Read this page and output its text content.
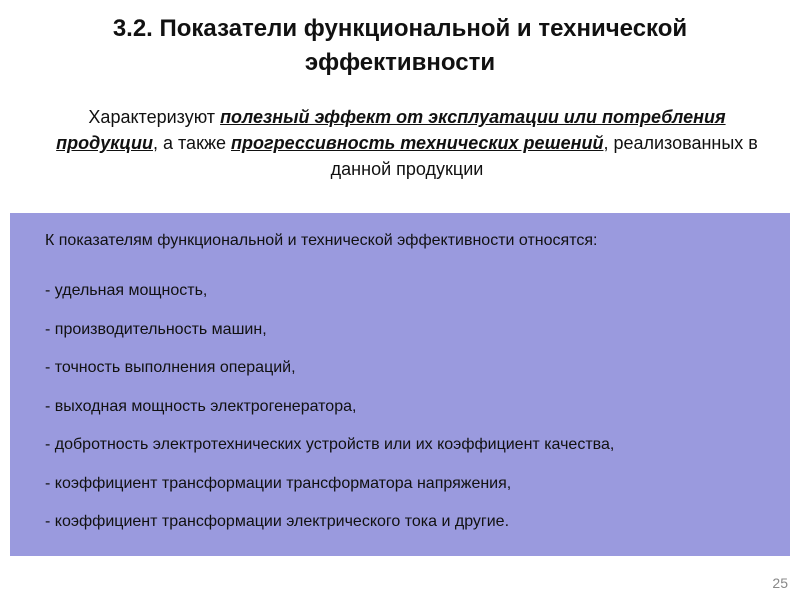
3.2. Показатели функциональной и технической
эффективности
Характеризуют полезный эффект от эксплуатации или потребления продукции, а также прогрессивность технических решений, реализованных в данной продукции
К показателям функциональной и технической эффективности относятся:
- удельная мощность,
- производительность машин,
- точность выполнения операций,
- выходная мощность электрогенератора,
- добротность электротехнических устройств или их коэффициент качества,
- коэффициент трансформации трансформатора напряжения,
- коэффициент трансформации электрического тока и другие.
25
